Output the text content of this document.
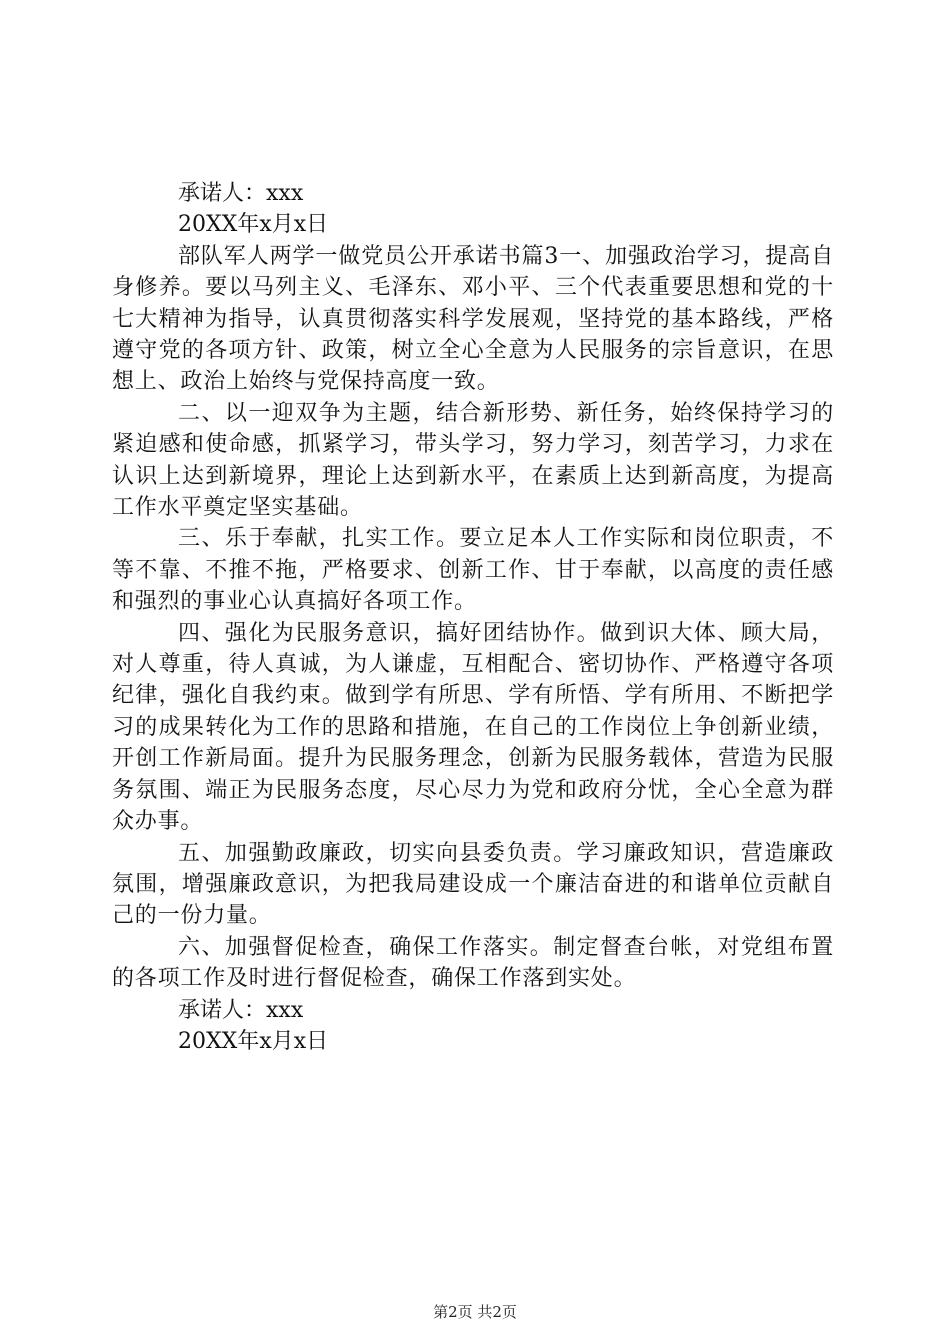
承诺人：xxx
20XX年x月x日

部队军人两学一做党员公开承诺书篇3一、加强政治学习，提高自身修养。要以马列主义、毛泽东、邓小平、三个代表重要思想和党的十七大精神为指导，认真贯彻落实科学发展观，坚持党的基本路线，严格遵守党的各项方针、政策，树立全心全意为人民服务的宗旨意识，在思想上、政治上始终与党保持高度一致。

二、以一迎双争为主题，结合新形势、新任务，始终保持学习的紧迫感和使命感，抓紧学习，带头学习，努力学习，刻苦学习，力求在认识上达到新境界，理论上达到新水平，在素质上达到新高度，为提高工作水平奠定坚实基础。

三、乐于奉献，扎实工作。要立足本人工作实际和岗位职责，不等不靠、不推不拖，严格要求、创新工作、甘于奉献，以高度的责任感和强烈的事业心认真搞好各项工作。

四、强化为民服务意识，搞好团结协作。做到识大体、顾大局，对人尊重，待人真诚，为人谦虚，互相配合、密切协作、严格遵守各项纪律，强化自我约束。做到学有所思、学有所悟、学有所用、不断把学习的成果转化为工作的思路和措施，在自己的工作岗位上争创新业绩，开创工作新局面。提升为民服务理念，创新为民服务载体，营造为民服务氛围、端正为民服务态度，尽心尽力为党和政府分忧，全心全意为群众办事。

五、加强勤政廉政，切实向县委负责。学习廉政知识，营造廉政氛围，增强廉政意识，为把我局建设成一个廉洁奋进的和谐单位贡献自己的一份力量。

六、加强督促检查，确保工作落实。制定督查台帐，对党组布置的各项工作及时进行督促检查，确保工作落到实处。

承诺人：xxx
20XX年x月x日
第2页 共2页
